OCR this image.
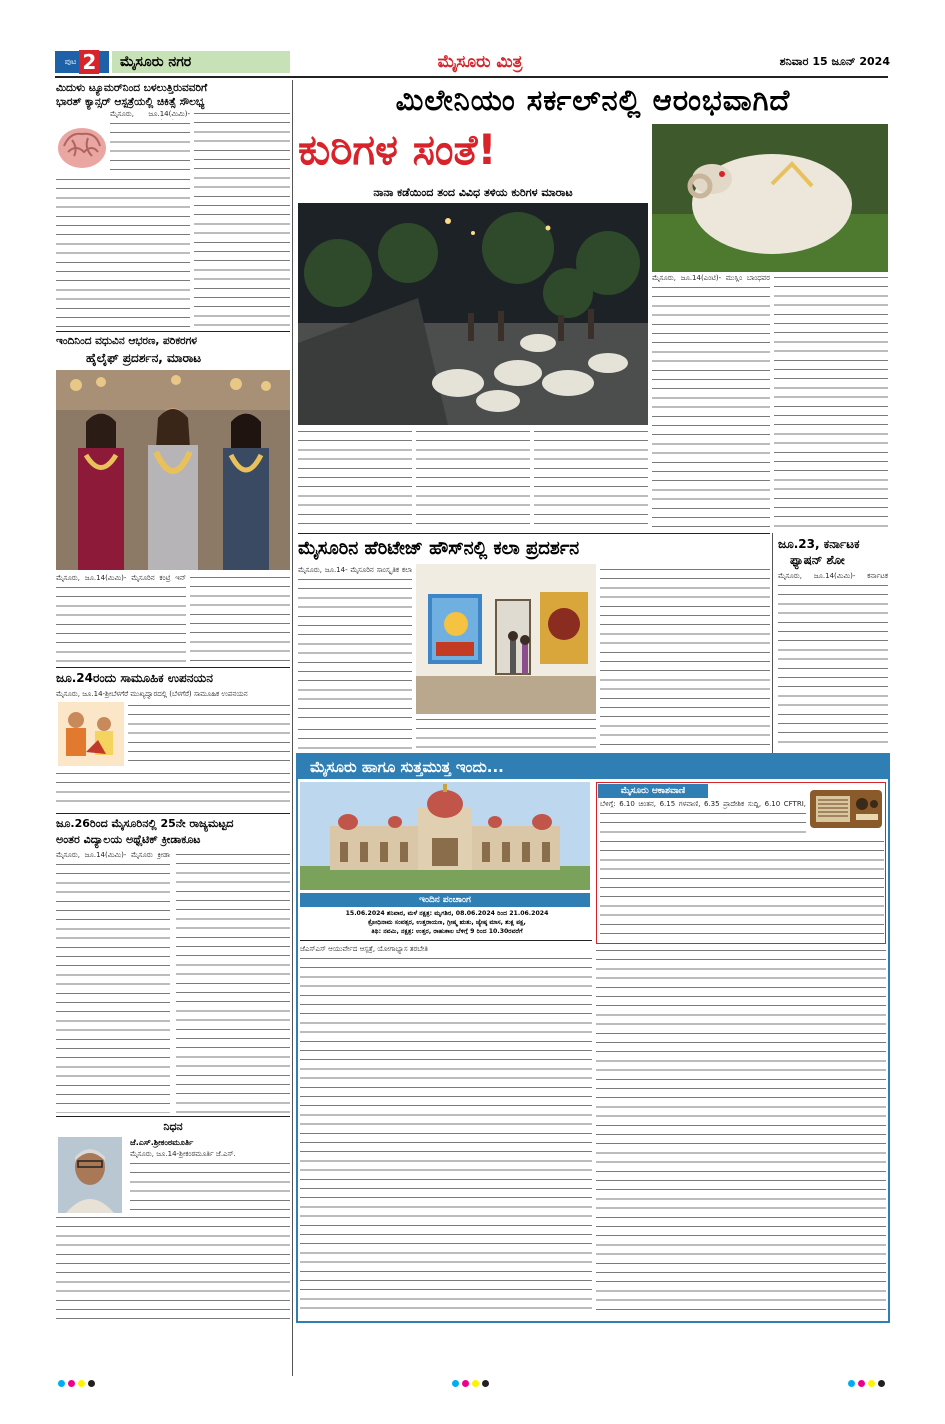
ಪುಟ 2	ಮೈಸೂರು ನಗರ	ಮೈಸೂರು ಮಿತ್ರ	ಶನಿವಾರ 15 ಜೂನ್ 2024
ಮಿದುಳು ಟ್ಯೂಮರ್‌ನಿಂದ ಬಳಲುತ್ತಿರುವವರಿಗೆ
ಭಾರತ್ ಕ್ಯಾನ್ಸರ್ ಆಸ್ಪತ್ರೆಯಲ್ಲಿ ಚಿಕಿತ್ಸೆ ಸೌಲಭ್ಯ
ಮೈಸೂರು, ಜೂ.14(ಮಿಮಿ)-
ಇಂದಿನಿಂದ ವಧುವಿನ ಆಭರಣ, ಪರಿಕರಗಳ
ಹೈಲೈಫ್ ಪ್ರದರ್ಶನ, ಮಾರಾಟ
ಮೈಸೂರು, ಜೂ.14(ಮಿಮಿ)- ಮೈಸೂರಿನ ಕಂಟ್ರಿ ಇನ್
ಜೂ.24ರಂದು ಸಾಮೂಹಿಕ ಉಪನಯನ
ಮೈಸೂರು, ಜೂ.14-ಶ್ರೀಬೆಳಗೆರೆ ಮುಖ್ಯದ್ವಾರದಲ್ಲಿ (ಬೆಳಗೆರೆ) ಸಾಮೂಹಿಕ ಉಪನಯನ
ಜೂ.26ರಿಂದ ಮೈಸೂರಿನಲ್ಲಿ 25ನೇ ರಾಜ್ಯಮಟ್ಟದ
ಅಂತರ ವಿದ್ಯಾಲಯ ಅಥ್ಲೆಟಿಕ್ ಕ್ರೀಡಾಕೂಟ
ಮೈಸೂರು, ಜೂ.14(ಮಿಮಿ)- ಮೈಸೂರು ಕ್ರೀಡಾ
ನಿಧನ
ಜೆ.ಎಸ್.ಶ್ರೀಕಂಠಮೂರ್ತಿ
ಮೈಸೂರು, ಜೂ.14-ಶ್ರೀಕಂಠಮೂರ್ತಿ ಜೆ.ಎಸ್.
ಮಿಲೇನಿಯಂ ಸರ್ಕಲ್‌ನಲ್ಲಿ ಆರಂಭವಾಗಿದೆ
ಕುರಿಗಳ ಸಂತೆ!
ನಾನಾ ಕಡೆಯಿಂದ ತಂದ ವಿವಿಧ ತಳಿಯ ಕುರಿಗಳ ಮಾರಾಟ
ಮೈಸೂರು, ಜೂ.14(ಎಂಟಿ)- ಮುಸ್ಲಿಂ ಬಾಂಧವರ
ಮೈಸೂರಿನ ಹೆರಿಟೇಜ್ ಹೌಸ್‌ನಲ್ಲಿ ಕಲಾ ಪ್ರದರ್ಶನ
ಮೈಸೂರು, ಜೂ.14- ಮೈಸೂರಿನ ಸಾಂಸ್ಕೃತಿಕ ಕಲಾ
ಜೂ.23, ಕರ್ನಾಟಕ
ಫ್ಯಾಷನ್ ಶೋ
ಮೈಸೂರು, ಜೂ.14(ಮಿಮಿ)- ಕರ್ನಾಟಕ
ಮೈಸೂರು ಹಾಗೂ ಸುತ್ತಮುತ್ತ ಇಂದು...
ಮೈಸೂರು ಆಕಾಶವಾಣಿ
ಬೆಳಿಗ್ಗೆ: 6.10 ಚಿಂತನ, 6.15 ಗಳವಾಣಿ, 6.35 ಪ್ರಾದೇಶಿಕ ಸುದ್ದಿ, 6.10 CFTRI,
ಇಂದಿನ ಪಂಚಾಂಗ
15.06.2024 ಶನಿವಾರ, ಮಳೆ ನಕ್ಷತ್ರ: ಮೃಗಶಿರ, 08.06.2024 ರಿಂದ 21.06.2024
ಕ್ರೋಧಿನಾಮ ಸಂವತ್ಸರ, ಉತ್ತರಾಯಣ, ಗ್ರೀಷ್ಮ ಋತು, ಜ್ಯೇಷ್ಠ ಮಾಸ, ಶುಕ್ಲ ಪಕ್ಷ,
ತಿಥಿ: ನವಮಿ, ನಕ್ಷತ್ರ: ಉತ್ತರ, ರಾಹುಕಾಲ ಬೆಳಿಗ್ಗೆ 9 ರಿಂದ 10.30ರವರೆಗೆ
ಜೆಎಸ್‌ಎಸ್ ಆಯುರ್ವೇದ ಆಸ್ಪತ್ರೆ, ಯೋಗಾಭ್ಯಾಸ ತರಬೇತಿ
